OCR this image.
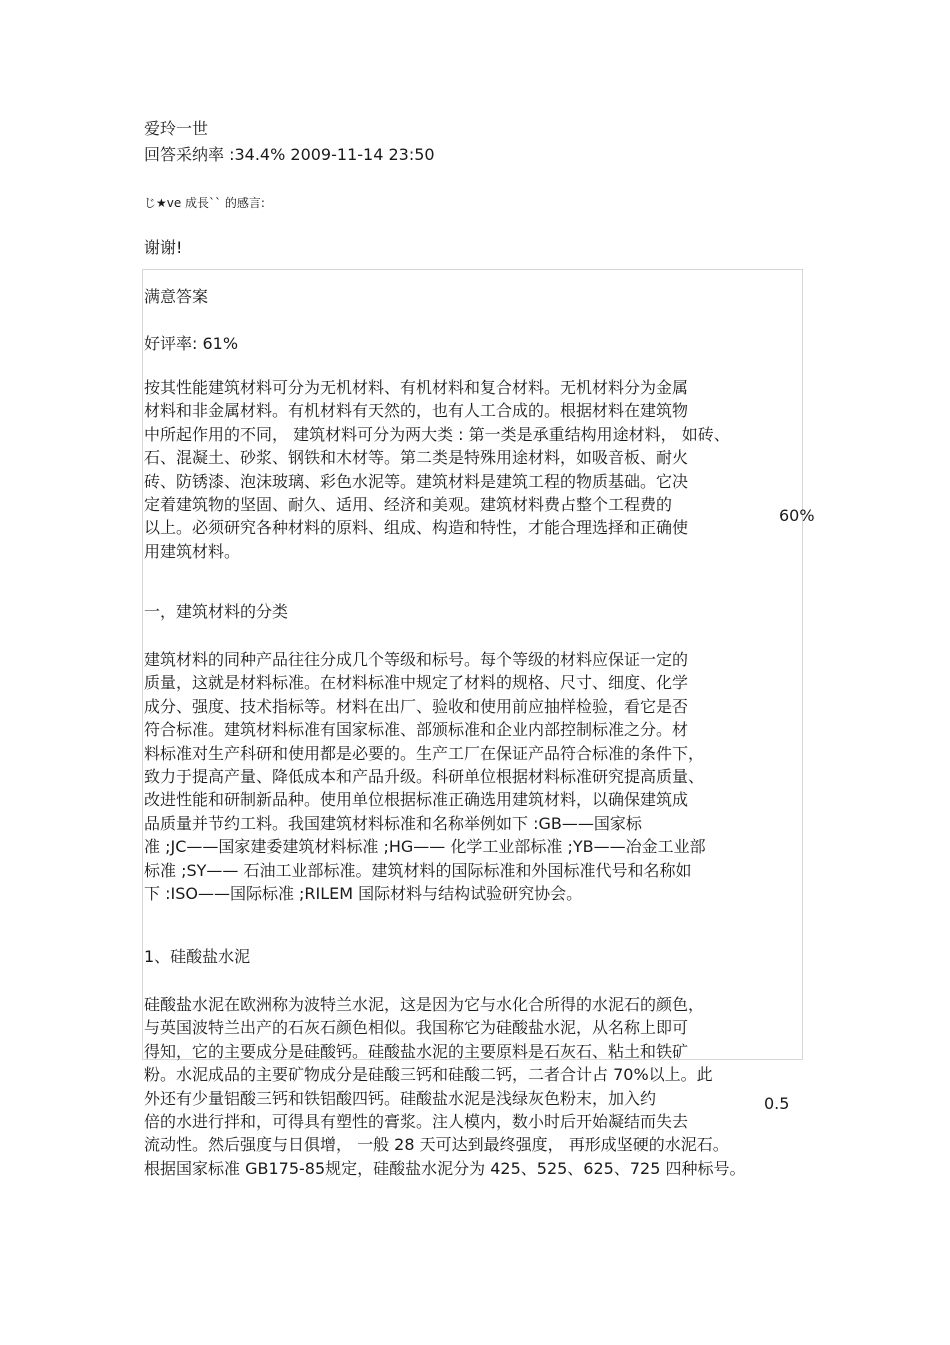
爱玲一世
回答采纳率 :34.4% 2009-11-14 23:50
じ★ve 成長`` 的感言:
谢谢!
满意答案
好评率: 61%
按其性能建筑材料可分为无机材料、有机材料和复合材料。无机材料分为金属
材料和非金属材料。有机材料有天然的，也有人工合成的。根据材料在建筑物
中所起作用的不同， 建筑材料可分为两大类 : 第一类是承重结构用途材料， 如砖、
石、混凝土、砂浆、钢铁和木材等。第二类是特殊用途材料，如吸音板、耐火
砖、防锈漆、泡沫玻璃、彩色水泥等。建筑材料是建筑工程的物质基础。它决
定着建筑物的坚固、耐久、适用、经济和美观。建筑材料费占整个工程费的
以上。必须研究各种材料的原料、组成、构造和特性，才能合理选择和正确使
用建筑材料。
60%
一，建筑材料的分类
建筑材料的同种产品往往分成几个等级和标号。每个等级的材料应保证一定的
质量，这就是材料标准。在材料标准中规定了材料的规格、尺寸、细度、化学
成分、强度、技术指标等。材料在出厂、验收和使用前应抽样检验，看它是否
符合标准。建筑材料标准有国家标准、部颁标准和企业内部控制标准之分。材
料标准对生产科研和使用都是必要的。生产工厂在保证产品符合标准的条件下，
致力于提高产量、降低成本和产品升级。科研单位根据材料标准研究提高质量、
改进性能和研制新品种。使用单位根据标准正确选用建筑材料，以确保建筑成
品质量并节约工料。我国建筑材料标准和名称举例如下 :GB——国家标
准 ;JC——国家建委建筑材料标准 ;HG—— 化学工业部标准 ;YB——冶金工业部
标准 ;SY—— 石油工业部标准。建筑材料的国际标准和外国标准代号和名称如
下 :ISO——国际标准 ;RILEM 国际材料与结构试验研究协会。
1、硅酸盐水泥
硅酸盐水泥在欧洲称为波特兰水泥，这是因为它与水化合所得的水泥石的颜色，
与英国波特兰出产的石灰石颜色相似。我国称它为硅酸盐水泥，从名称上即可
得知，它的主要成分是硅酸钙。硅酸盐水泥的主要原料是石灰石、粘土和铁矿
粉。水泥成品的主要矿物成分是硅酸三钙和硅酸二钙，二者合计占 70%以上。此
外还有少量铝酸三钙和铁铝酸四钙。硅酸盐水泥是浅绿灰色粉末，加入约
倍的水进行拌和，可得具有塑性的膏浆。注人模内，数小时后开始凝结而失去
流动性。然后强度与日俱增， 一般 28 天可达到最终强度， 再形成坚硬的水泥石。
根据国家标准 GB175-85规定，硅酸盐水泥分为 425、525、625、725 四种标号。
0.5
